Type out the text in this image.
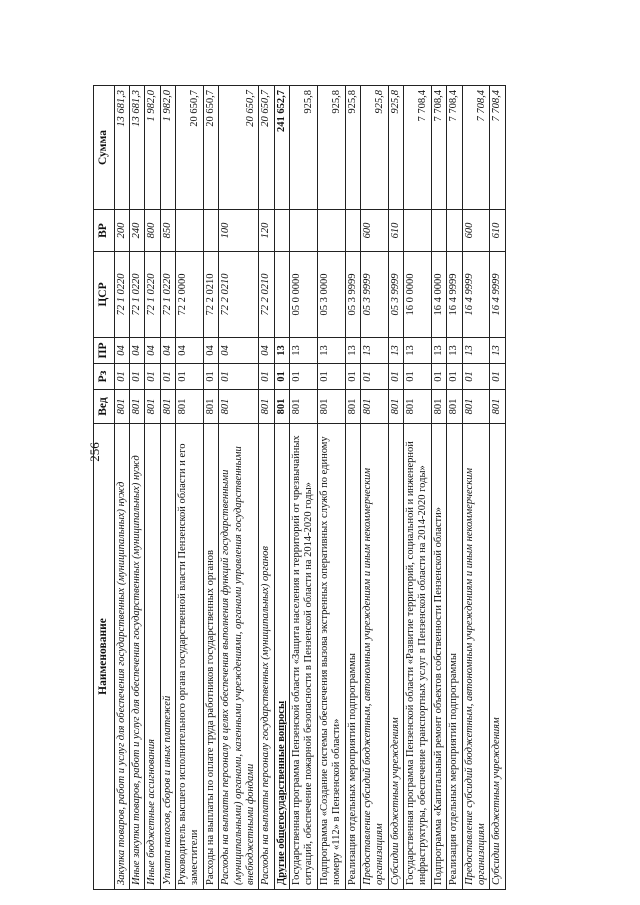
256
Наименование	Вед	Рз	ПР	ЦСР	ВР	Сумма
Закупка товаров, работ и услуг для обеспечения государственных (муниципальных) нужд	801	01	04	72 1 0220	200	13 681,3
Иные закупки товаров, работ и услуг для обеспечения государственных (муниципальных) нужд	801	01	04	72 1 0220	240	13 681,3
Иные бюджетные ассигнования	801	01	04	72 1 0220	800	1 982,0
Уплата налогов, сборов и иных платежей	801	01	04	72 1 0220	850	1 982,0
Руководитель высшего исполнительного органа государственной власти Пензенской области и его заместители	801	01	04	72 2 0000		20 650,7
Расходы на выплаты по оплате труда работников государственных органов	801	01	04	72 2 0210		20 650,7
Расходы на выплаты персоналу в целях обеспечения выполнения функций государственными (муниципальными) органами, казенными учреждениями, органами управления государственными внебюджетными фондами	801	01	04	72 2 0210	100	20 650,7
Расходы на выплаты персоналу государственных (муниципальных) органов	801	01	04	72 2 0210	120	20 650,7
Другие общегосударственные вопросы	801	01	13			241 652,7
Государственная программа Пензенской области «Защита населения и территорий от чрезвычайных ситуаций, обеспечение пожарной безопасности в Пензенской области на 2014-2020 годы»	801	01	13	05 0 0000		925,8
Подпрограмма «Создание системы обеспечения вызова экстренных оперативных служб по единому номеру «112» в Пензенской области»	801	01	13	05 3 0000		925,8
Реализация отдельных мероприятий подпрограммы	801	01	13	05 3 9999		925,8
Предоставление субсидий бюджетным, автономным учреждениям и иным некоммерческим организациям	801	01	13	05 3 9999	600	925,8
Субсидии бюджетным учреждениям	801	01	13	05 3 9999	610	925,8
Государственная программа Пензенской области «Развитие территорий, социальной и инженерной инфраструктуры, обеспечение транспортных услуг в Пензенской области на 2014-2020 годы»	801	01	13	16 0 0000		7 708,4
Подпрограмма «Капитальный ремонт объектов собственности Пензенской области»	801	01	13	16 4 0000		7 708,4
Реализация отдельных мероприятий подпрограммы	801	01	13	16 4 9999		7 708,4
Предоставление субсидий бюджетным, автономным учреждениям и иным некоммерческим организациям	801	01	13	16 4 9999	600	7 708,4
Субсидии бюджетным учреждениям	801	01	13	16 4 9999	610	7 708,4
